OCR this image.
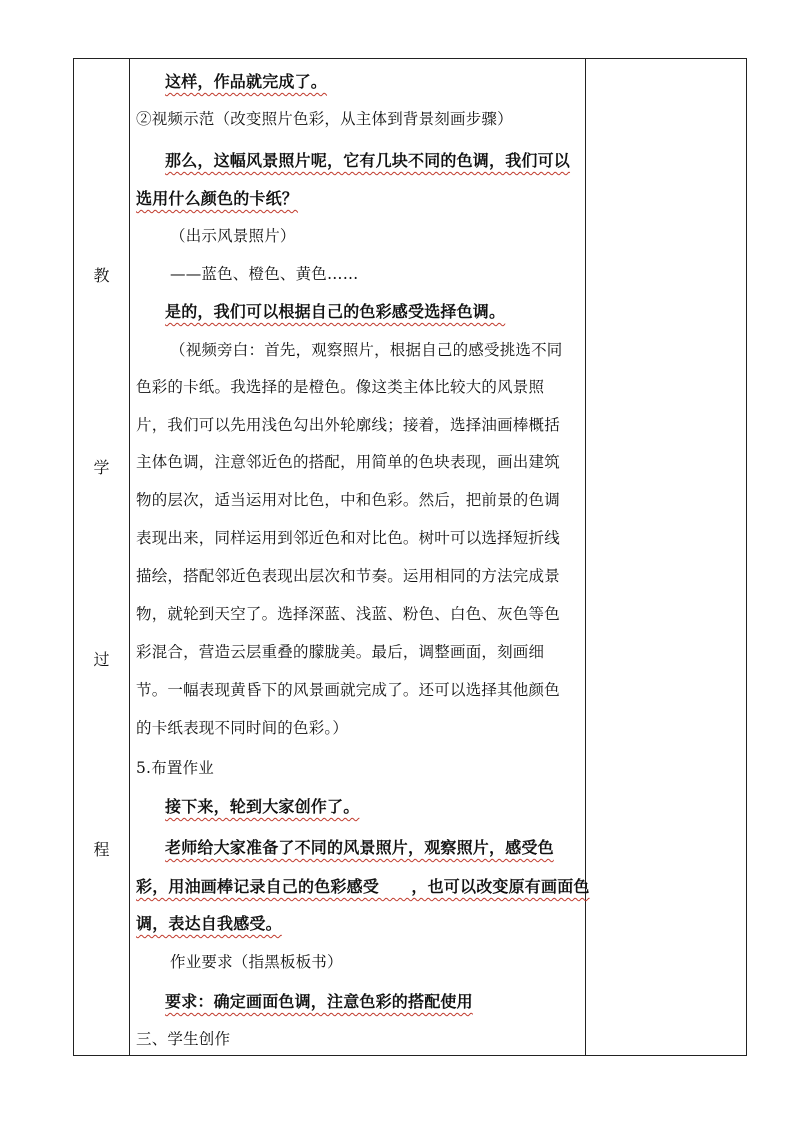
教
学
过
程
这样，作品就完成了。
②视频示范（改变照片色彩，从主体到背景刻画步骤）
那么，这幅风景照片呢，它有几块不同的色调，我们可以
选用什么颜色的卡纸？
（出示风景照片）
——蓝色、橙色、黄色……
是的，我们可以根据自己的色彩感受选择色调。
（视频旁白：首先，观察照片，根据自己的感受挑选不同
色彩的卡纸。我选择的是橙色。像这类主体比较大的风景照
片，我们可以先用浅色勾出外轮廓线；接着，选择油画棒概括
主体色调，注意邻近色的搭配，用简单的色块表现，画出建筑
物的层次，适当运用对比色，中和色彩。然后，把前景的色调
表现出来，同样运用到邻近色和对比色。树叶可以选择短折线
描绘，搭配邻近色表现出层次和节奏。运用相同的方法完成景
物，就轮到天空了。选择深蓝、浅蓝、粉色、白色、灰色等色
彩混合，营造云层重叠的朦胧美。最后，调整画面，刻画细
节。一幅表现黄昏下的风景画就完成了。还可以选择其他颜色
的卡纸表现不同时间的色彩。）
5.布置作业
接下来，轮到大家创作了。
老师给大家准备了不同的风景照片，观察照片，感受色
彩，用油画棒记录自己的色彩感受　　，也可以改变原有画面色
调，表达自我感受。
作业要求（指黑板板书）
要求：确定画面色调，注意色彩的搭配使用
三、学生创作
